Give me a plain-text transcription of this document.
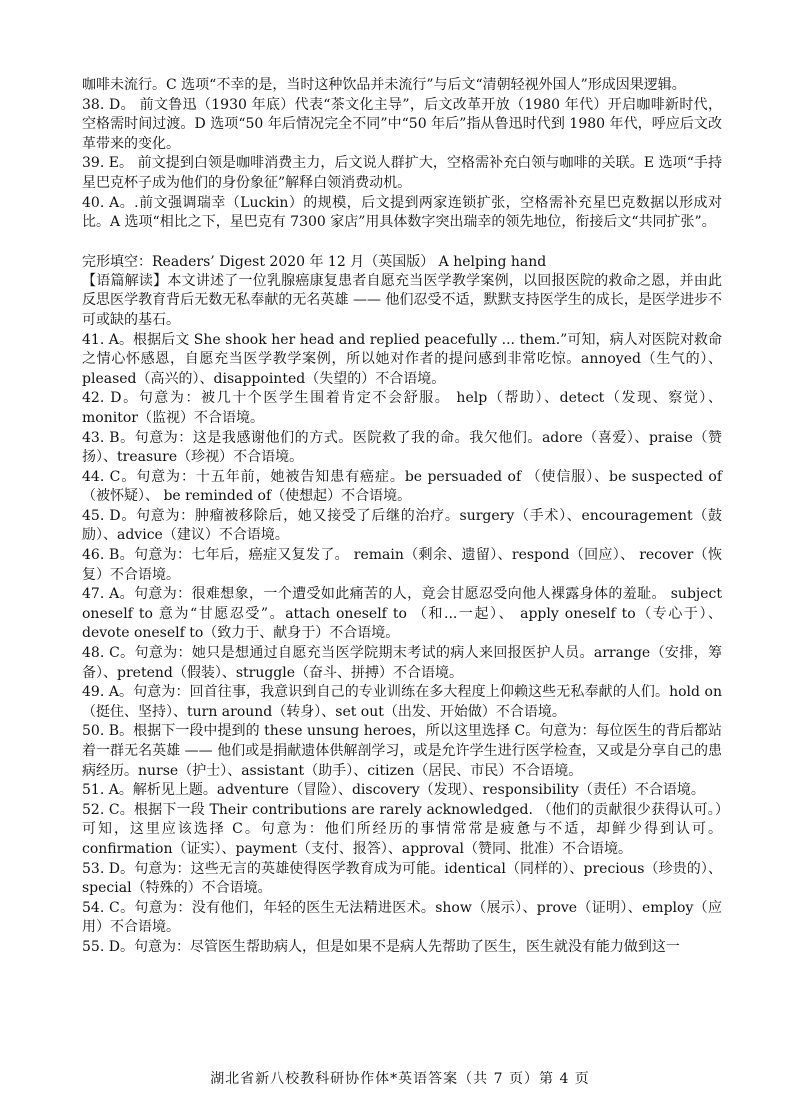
咖啡未流行。C 选项“不幸的是，当时这种饮品并未流行”与后文“清朝轻视外国人”形成因果逻辑。

38. D。 前文鲁迅（1930 年底）代表“茶文化主导”，后文改革开放（1980 年代）开启咖啡新时代，空格需时间过渡。D 选项“50 年后情况完全不同”中“50 年后”指从鲁迅时代到 1980 年代，呼应后文改革带来的变化。

39. E。 前文提到白领是咖啡消费主力，后文说人群扩大，空格需补充白领与咖啡的关联。E 选项“手持星巴克杯子成为他们的身份象征”解释白领消费动机。

40. A。.前文强调瑞幸（Luckin）的规模，后文提到两家连锁扩张，空格需补充星巴克数据以形成对比。A 选项“相比之下，星巴克有 7300 家店”用具体数字突出瑞幸的领先地位，衔接后文“共同扩张”。

完形填空：Readers’ Digest 2020 年 12 月（英国版） A helping hand

【语篇解读】本文讲述了一位乳腺癌康复患者自愿充当医学教学案例，以回报医院的救命之恩，并由此反思医学教育背后无数无私奉献的无名英雄 —— 他们忍受不适，默默支持医学生的成长，是医学进步不可或缺的基石。

41. A。根据后文 She shook her head and replied peacefully ... them.”可知，病人对医院对救命之情心怀感恩，自愿充当医学教学案例，所以她对作者的提问感到非常吃惊。annoyed（生气的）、 pleased（高兴的）、disappointed（失望的）不合语境。

42. D。句意为：被几十个医学生围着肯定不会舒服。 help（帮助）、detect（发现、察觉）、 monitor（监视）不合语境。

43. B。句意为：这是我感谢他们的方式。医院救了我的命。我欠他们。adore（喜爱）、praise（赞扬）、treasure（珍视）不合语境。

44. C。句意为：十五年前，她被告知患有癌症。be persuaded of （使信服）、be suspected of （被怀疑）、 be reminded of（使想起）不合语境。

45. D。句意为：肿瘤被移除后，她又接受了后继的治疗。surgery（手术）、encouragement（鼓励）、advice（建议）不合语境。

46. B。句意为：七年后，癌症又复发了。 remain（剩余、遗留）、respond（回应）、 recover（恢复）不合语境。

47. A。句意为：很难想象，一个遭受如此痛苦的人，竟会甘愿忍受向他人裸露身体的羞耻。 subject oneself to 意为“甘愿忍受”。attach oneself to （和...一起）、 apply oneself to（专心于）、 devote oneself to（致力于、献身于）不合语境。

48. C。句意为：她只是想通过自愿充当医学院期末考试的病人来回报医护人员。arrange（安排，筹备）、pretend（假装）、struggle（奋斗、拼搏）不合语境。

49. A。句意为：回首往事，我意识到自己的专业训练在多大程度上仰赖这些无私奉献的人们。hold on（挺住、坚持）、turn around（转身）、set out（出发、开始做）不合语境。

50. B。根据下一段中提到的 these unsung heroes，所以这里选择 C。句意为：每位医生的背后都站着一群无名英雄 —— 他们或是捐献遗体供解剖学习，或是允许学生进行医学检查，又或是分享自己的患病经历。nurse（护士）、assistant（助手）、citizen（居民、市民）不合语境。

51. A。解析见上题。adventure（冒险）、discovery（发现）、responsibility（责任）不合语境。

52. C。根据下一段 Their contributions are rarely acknowledged. （他们的贡献很少获得认可。）可知，这里应该选择 C。句意为：他们所经历的事情常常是疲惫与不适，却鲜少得到认可。confirmation（证实）、payment（支付、报答）、approval（赞同、批准）不合语境。

53. D。句意为：这些无言的英雄使得医学教育成为可能。identical（同样的）、precious（珍贵的）、special（特殊的）不合语境。

54. C。句意为：没有他们，年轻的医生无法精进医术。show（展示）、prove（证明）、employ（应用）不合语境。

55. D。句意为：尽管医生帮助病人，但是如果不是病人先帮助了医生，医生就没有能力做到这一

湖北省新八校教科研协作体*英语答案（共 7 页）第 4 页
